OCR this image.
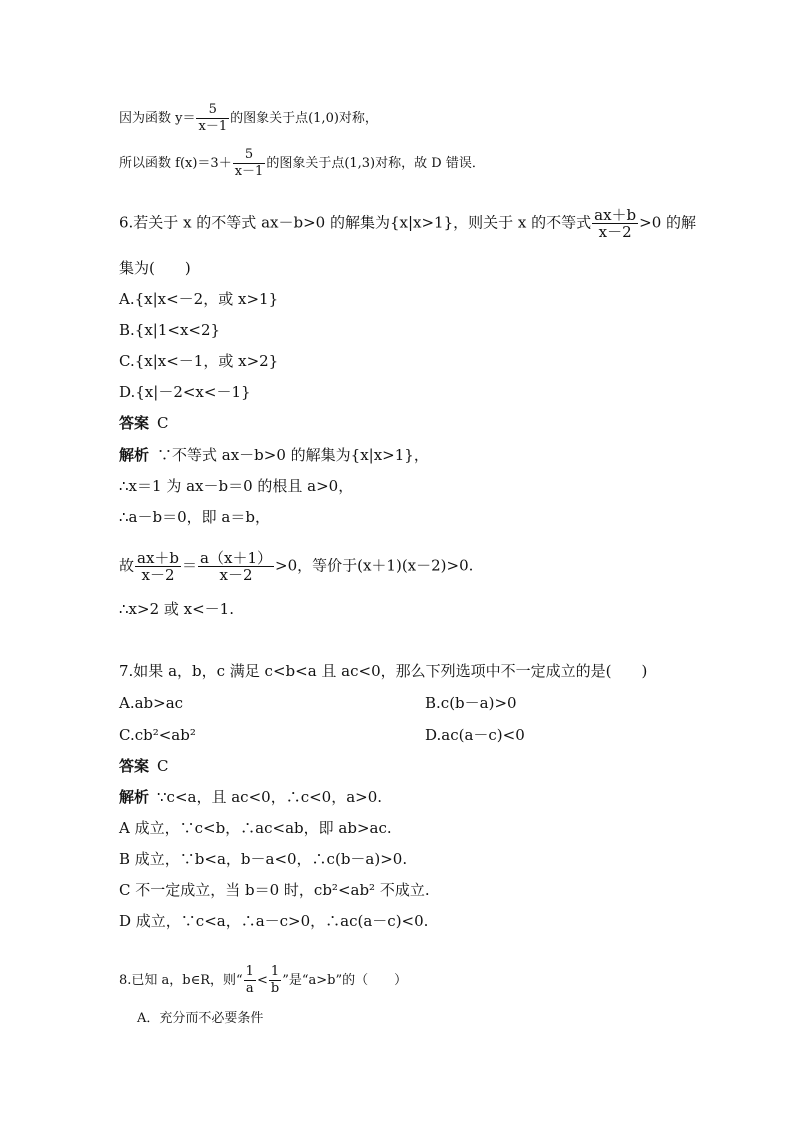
因为函数 $y= \frac{5}{x-1}$ 的图象关于点(1,0)对称，
所以函数 $f(x)=3+ \frac{5}{x-1}$ 的图象关于点(1,3)对称，故 D 错误．
6.若关于 x 的不等式 ax－b>0 的解集为{x|x>1}，则关于 x 的不等式 $\frac{ax+b}{x-2} >0$ 的解
集为(　　)
A.{x|x<－2，或 x>1}
B.{x|1<x<2}
C.{x|x<－1，或 x>2}
D.{x|－2<x<－1}
答案 C
解析 ∵不等式 ax－b>0 的解集为{x|x>1}，
∴x＝1 为 ax－b＝0 的根且 a>0，
∴a－b＝0，即 a＝b，
故 $\frac{ax+b}{x-2} = \frac{a(x+1)}{x-2} >0$，等价于(x＋1)(x－2)>0.
∴x>2 或 x<－1.
7.如果 a，b，c 满足 c<b<a 且 ac<0，那么下列选项中不一定成立的是(　　)
A.ab>ac	B.c(b－a)>0
C.cb²<ab²	D.ac(a－c)<0
答案 C
解析 ∵c<a，且 ac<0，∴c<0，a>0.
A 成立，∵c<b，∴ac<ab，即 ab>ac.
B 成立，∵b<a，b－a<0，∴c(b－a)>0.
C 不一定成立，当 b＝0 时，cb²<ab² 不成立.
D 成立，∵c<a，∴a－c>0，∴ac(a－c)<0.
8.已知 a，b∈R，则“ $\frac{1}{a} < \frac{1}{b}$ ”是“a>b”的（　　）
A．充分而不必要条件
